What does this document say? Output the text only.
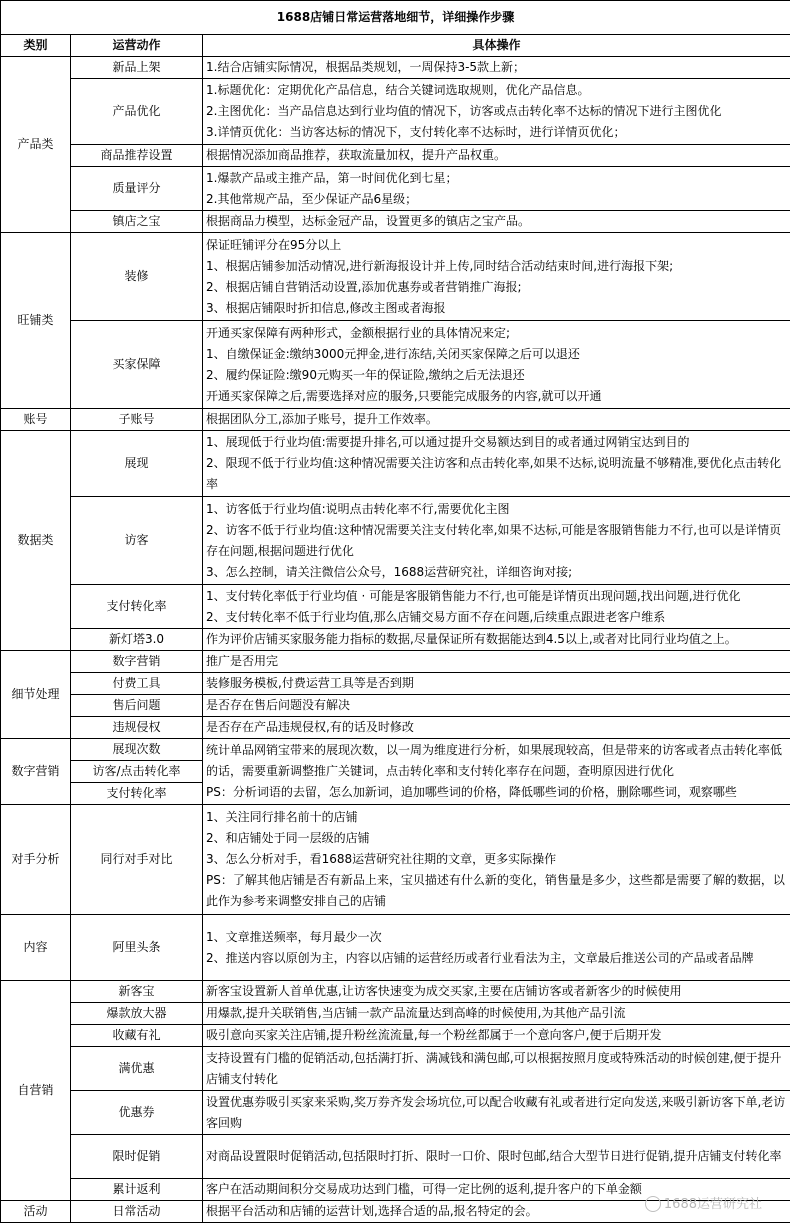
1688店铺日常运营落地细节，详细操作步骤		
类别	运营动作	具体操作
产品类	新品上架	1.结合店铺实际情况，根据品类规划，一周保持3-5款上新；

	产品优化	1.标题优化：定期优化产品信息，结合关键词选取规则，优化产品信息。
2.主图优化：当产品信息达到行业均值的情况下，访客或点击转化率不达标的情况下进行主图优化
3.详情页优化：当访客达标的情况下，支付转化率不达标时，进行详情页优化；

	商品推荐设置	根据情况添加商品推荐，获取流量加权，提升产品权重。

	质量评分	1.爆款产品或主推产品，第一时间优化到七星；
2.其他常规产品，至少保证产品6星级；

	镇店之宝	根据商品力模型，达标金冠产品，设置更多的镇店之宝产品。

旺铺类	装修	保证旺铺评分在95分以上
1、根据店铺参加活动情况,进行新海报设计并上传,同时结合活动结束时间,进行海报下架;
2、根据店铺自营销活动设置,添加优惠券或者营销推广海报;
3、根据店铺限时折扣信息,修改主图或者海报

	买家保障	开通买家保障有两种形式，金额根据行业的具体情况来定;
1、自缴保证金:缴纳3000元押金,进行冻结,关闭买家保障之后可以退还
2、履约保证险:缴90元购买一年的保证险,缴纳之后无法退还
开通买家保障之后,需要选择对应的服务,只要能完成服务的内容,就可以开通

账号	子账号	根据团队分工,添加子账号，提升工作效率。

数据类	展现	1、展现低于行业均值:需要提升排名,可以通过提升交易额达到目的或者通过网销宝达到目的
2、限现不低于行业均值:这种情况需要关注访客和点击转化率,如果不达标,说明流量不够精准,要优化点击转化率

	访客	1、访客低于行业均值:说明点击转化率不行,需要优化主图
2、访客不低于行业均值:这种情况需要关注支付转化率,如果不达标,可能是客服销售能力不行,也可以是详情页存在问题,根据问题进行优化
3、怎么控制，请关注微信公众号，1688运营研究社，详细咨询对接;

	支付转化率	1、支付转化率低于行业均值 · 可能是客服销售能力不行,也可能是详情页出现问题,找出问题,进行优化
2、支付转化率不低于行业均值,那么店铺交易方面不存在问题,后续重点跟进老客户维系

	新灯塔3.0	作为评价店铺买家服务能力指标的数据,尽量保证所有数据能达到4.5以上,或者对比同行业均值之上。

细节处理	数字营销	推广是否用完

	付费工具	装修服务模板,付费运营工具等是否到期

	售后问题	是否存在售后问题没有解决

	违规侵权	是否存在产品违规侵权,有的话及时修改

数字营销	展现次数	统计单品网销宝带来的展现次数，以一周为维度进行分析，如果展现较高，但是带来的访客或者点击转化率低的话，需要重新调整推广关键词，点击转化率和支付转化率存在问题，查明原因进行优化
PS：分析词语的去留，怎么加新词，追加哪些词的价格，降低哪些词的价格，删除哪些词，观察哪些

	访客/点击转化率	
	支付转化率	
对手分析	同行对手对比	1、关注同行排名前十的店铺
2、和店铺处于同一层级的店铺
3、怎么分析对手，看1688运营研究社往期的文章，更多实际操作
PS：了解其他店铺是否有新品上来，宝贝描述有什么新的变化，销售量是多少，这些都是需要了解的数据，以此作为参考来调整安排自己的店铺

内容	阿里头条	1、文章推送频率，每月最少一次
2、推送内容以原创为主，内容以店铺的运营经历或者行业看法为主，文章最后推送公司的产品或者品牌

自营销	新客宝	新客宝设置新人首单优惠,让访客快速变为成交买家,主要在店铺访客或者新客少的时候使用

	爆款放大器	用爆款,提升关联销售,当店铺一款产品流量达到高峰的时候使用,为其他产品引流

	收藏有礼	吸引意向买家关注店铺,提升粉丝流流量,每一个粉丝都属于一个意向客户,便于后期开发

	满优惠	支持设置有门槛的促销活动,包括满打折、满减钱和满包邮,可以根据按照月度或特殊活动的时候创建,便于提升店铺支付转化

	优惠券	设置优惠券吸引买家来采购,奖万券齐发会场坑位,可以配合收藏有礼或者进行定向发送,来吸引新访客下单,老访客回购

	限时促销	对商品设置限时促销活动,包括限时打折、限时一口价、限时包邮,结合大型节日进行促销,提升店铺支付转化率

	累计返利	客户在活动期间积分交易成功达到门槛，可得一定比例的返利,提升客户的下单金额

活动	日常活动	根据平台活动和店铺的运营计划,选择合适的品,报名特定的会。	1688运营研究社
